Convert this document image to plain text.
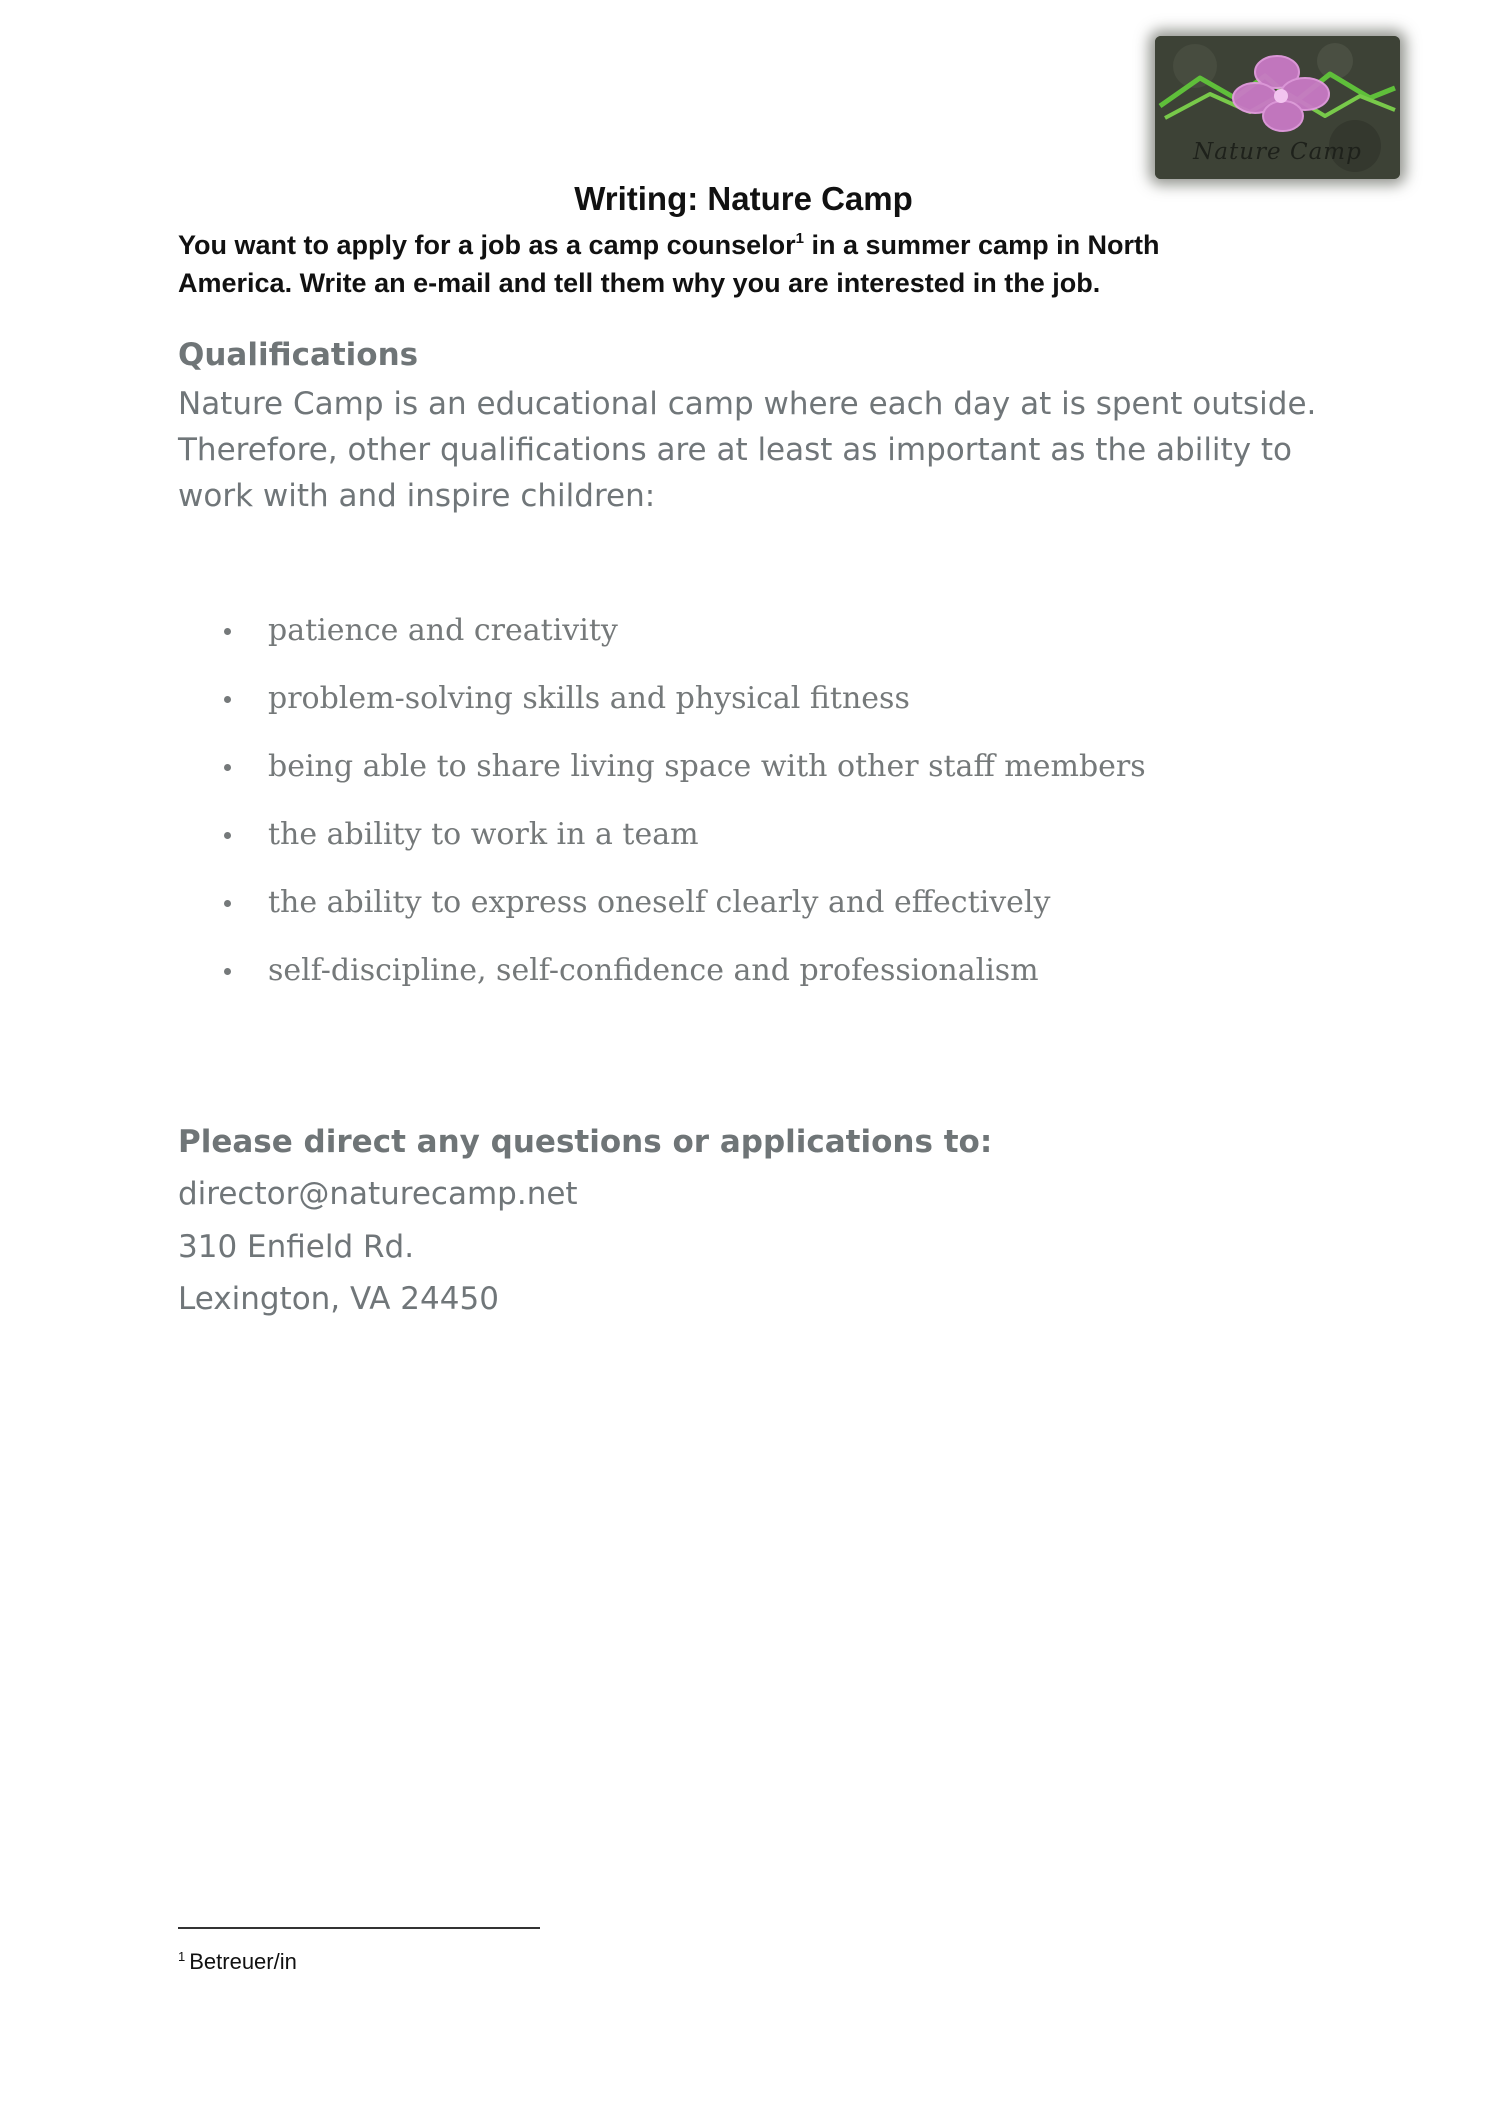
Nature Camp
Writing: Nature Camp

You want to apply for a job as a camp counselor$^1$ in a summer camp in North America. Write an e-mail and tell them why you are interested in the job.

Qualifications

Nature Camp is an educational camp where each day at is spent outside. Therefore, other qualifications are at least as important as the ability to work with and inspire children:

patience and creativity
problem-solving skills and physical fitness
being able to share living space with other staff members
the ability to work in a team
the ability to express oneself clearly and effectively
self-discipline, self-confidence and professionalism
Please direct any questions or applications to:

director@naturecamp.net

310 Enfield Rd.

Lexington, VA 24450

$^1$ Betreuer/in
